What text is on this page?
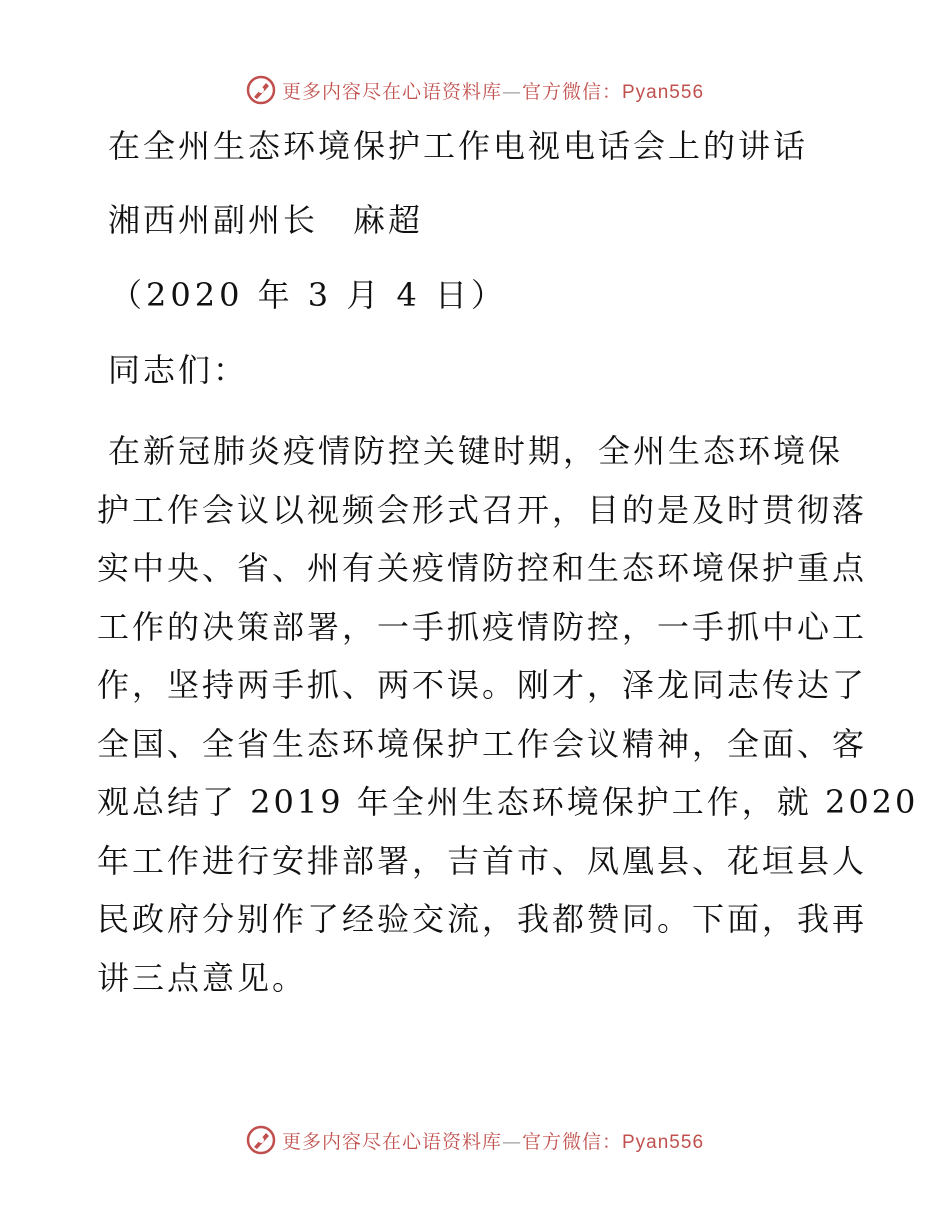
更多内容尽在心语资料库—官方微信：Pyan556
在全州生态环境保护工作电视电话会上的讲话
湘西州副州长　麻超
（2020 年 3 月 4 日）
同志们：
在新冠肺炎疫情防控关键时期，全州生态环境保
护工作会议以视频会形式召开，目的是及时贯彻落
实中央、省、州有关疫情防控和生态环境保护重点
工作的决策部署，一手抓疫情防控，一手抓中心工
作，坚持两手抓、两不误。刚才，泽龙同志传达了
全国、全省生态环境保护工作会议精神，全面、客
观总结了 2019 年全州生态环境保护工作，就 2020
年工作进行安排部署，吉首市、凤凰县、花垣县人
民政府分别作了经验交流，我都赞同。下面，我再
讲三点意见。
更多内容尽在心语资料库—官方微信：Pyan556
